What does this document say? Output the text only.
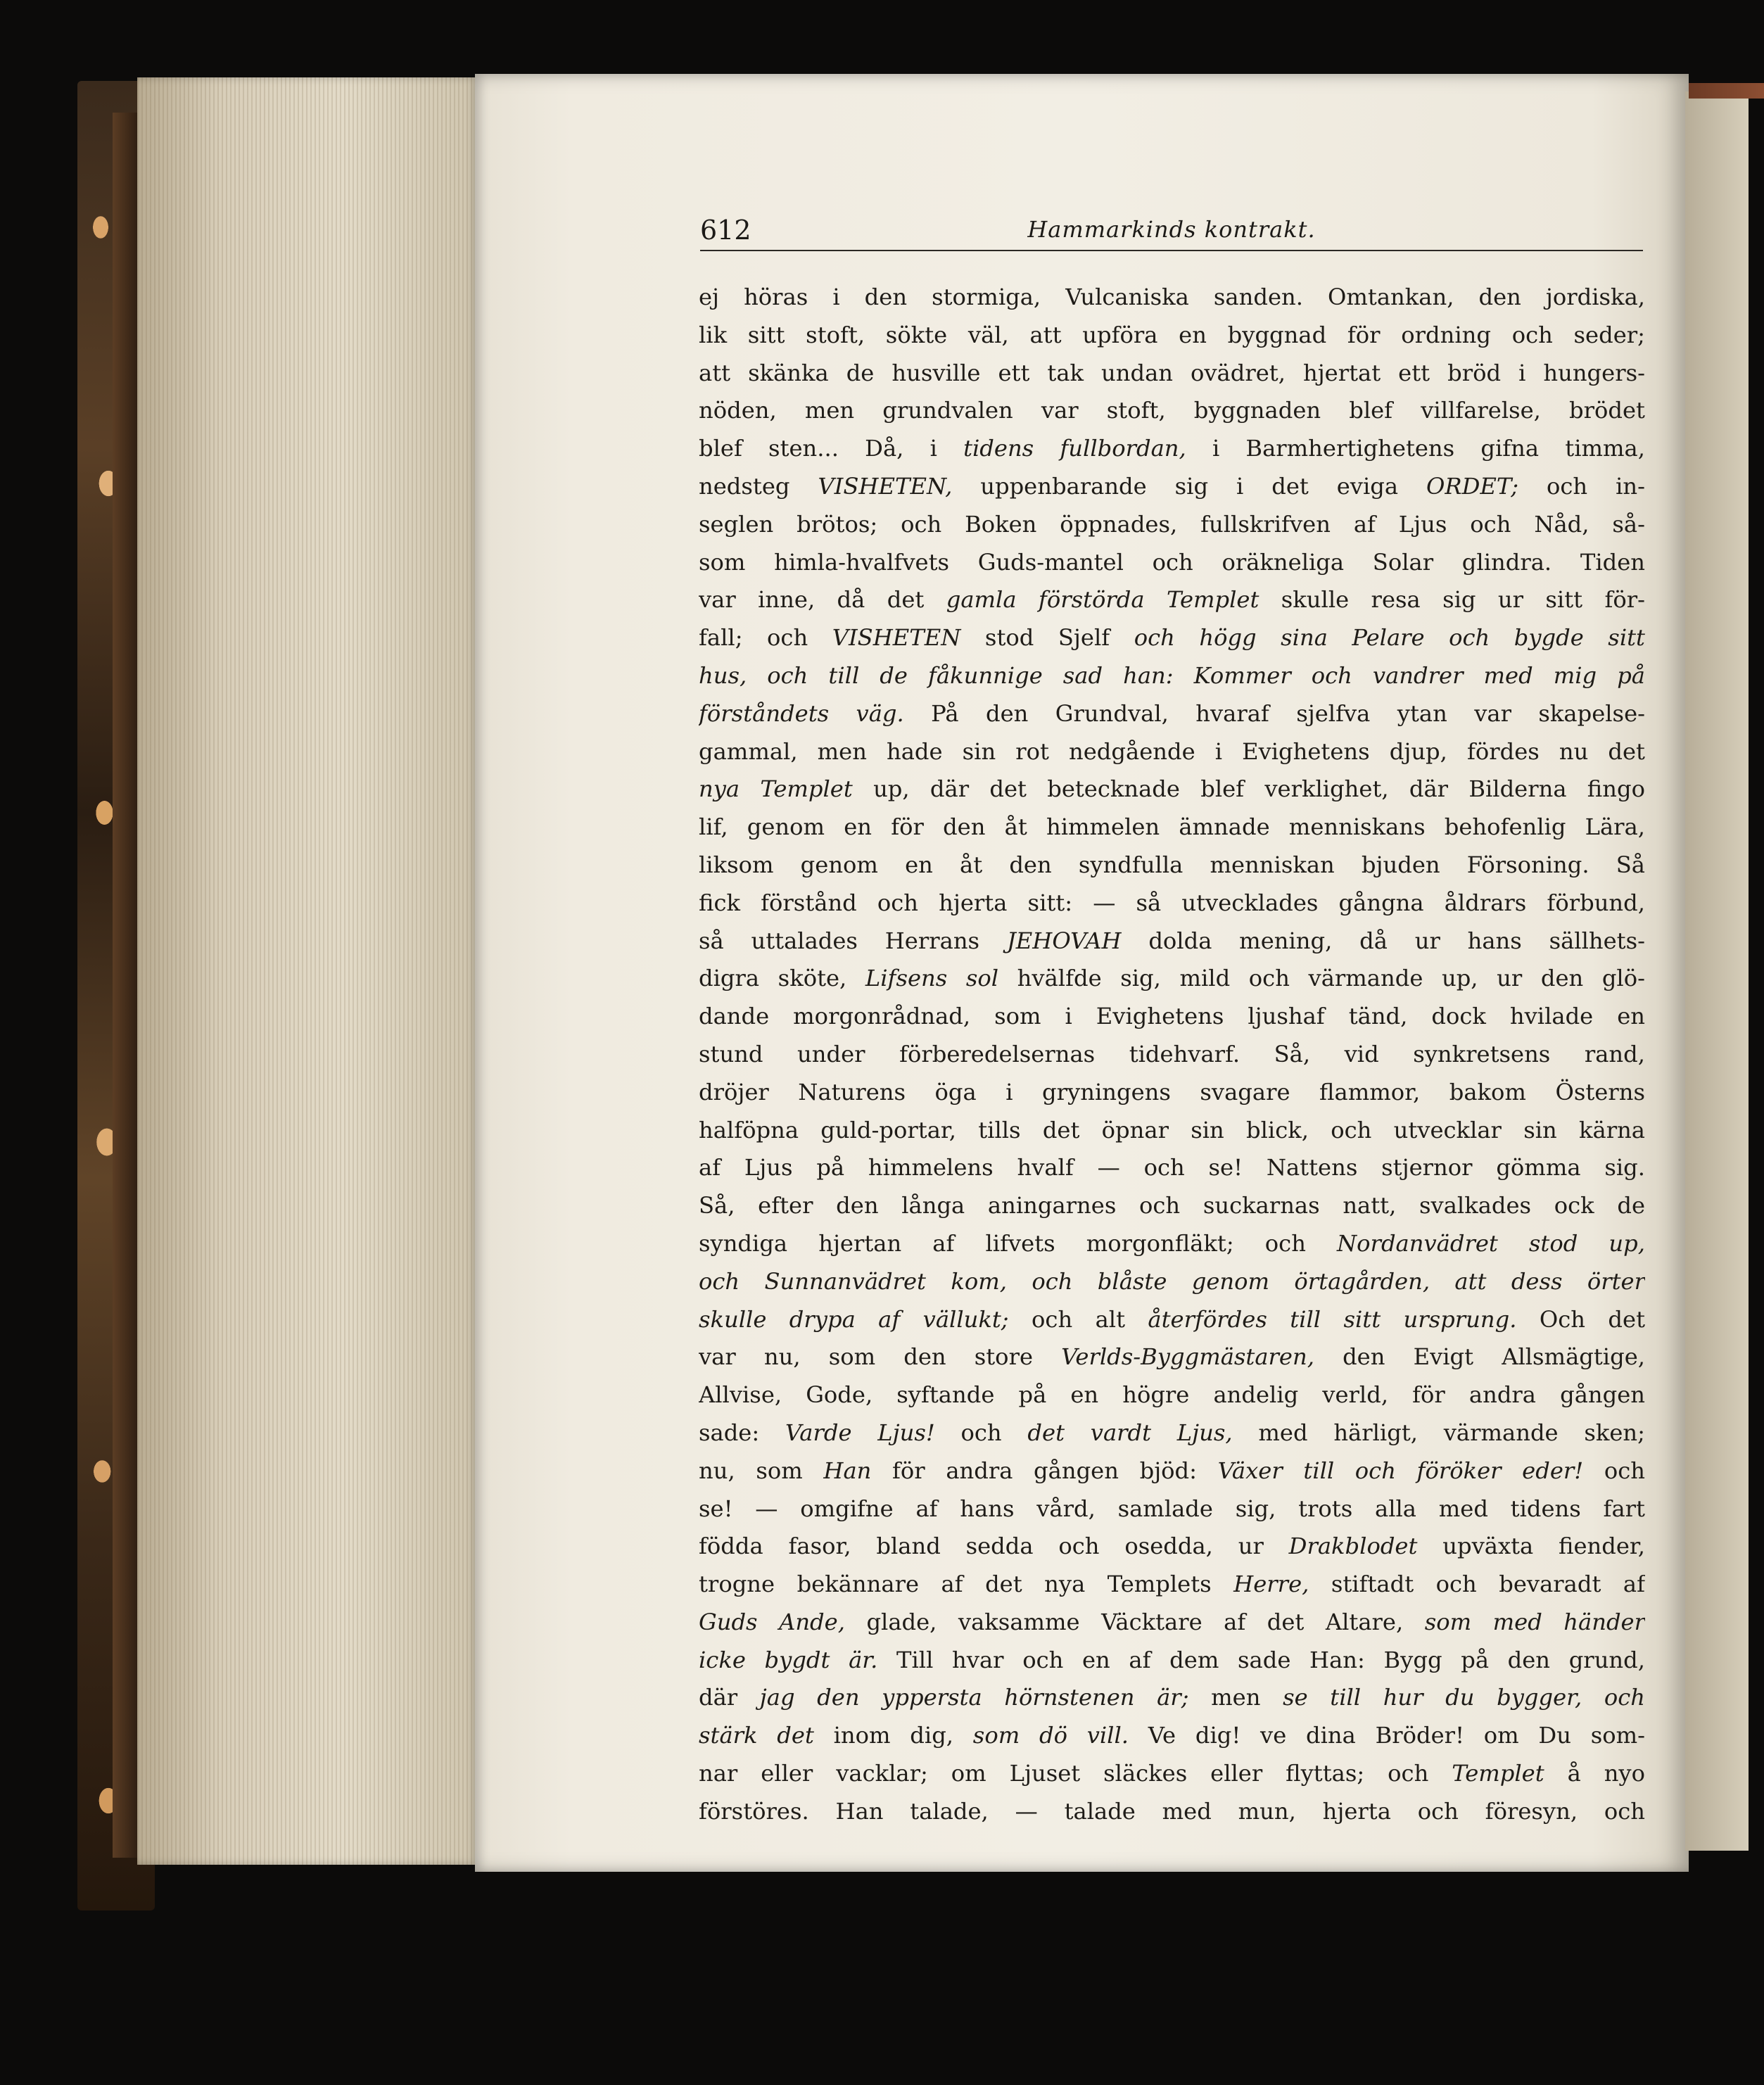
612	Hammarkinds kontrakt.
ej höras i den stormiga, Vulcaniska sanden. Omtankan, den jordiska,
lik sitt stoft, sökte väl, att upföra en byggnad för ordning och seder;
att skänka de husville ett tak undan ovädret, hjertat ett bröd i hungers-
nöden, men grundvalen var stoft, byggnaden blef villfarelse, brödet
blef sten... Då, i tidens fullbordan, i Barmhertighetens gifna timma,
nedsteg VISHETEN, uppenbarande sig i det eviga ORDET; och in-
seglen brötos; och Boken öppnades, fullskrifven af Ljus och Nåd, så-
som himla-hvalfvets Guds-mantel och oräkneliga Solar glindra. Tiden
var inne, då det gamla förstörda Templet skulle resa sig ur sitt för-
fall; och VISHETEN stod Sjelf och högg sina Pelare och bygde sitt
hus, och till de fåkunnige sad han: Kommer och vandrer med mig på
förståndets väg. På den Grundval, hvaraf sjelfva ytan var skapelse-
gammal, men hade sin rot nedgående i Evighetens djup, fördes nu det
nya Templet up, där det betecknade blef verklighet, där Bilderna fingo
lif, genom en för den åt himmelen ämnade menniskans behofenlig Lära,
liksom genom en åt den syndfulla menniskan bjuden Försoning. Så
fick förstånd och hjerta sitt: — så utvecklades gångna åldrars förbund,
så uttalades Herrans JEHOVAH dolda mening, då ur hans sällhets-
digra sköte, Lifsens sol hvälfde sig, mild och värmande up, ur den glö-
dande morgonrådnad, som i Evighetens ljushaf tänd, dock hvilade en
stund under förberedelsernas tidehvarf. Så, vid synkretsens rand,
dröjer Naturens öga i gryningens svagare flammor, bakom Österns
halföpna guld-portar, tills det öpnar sin blick, och utvecklar sin kärna
af Ljus på himmelens hvalf — och se! Nattens stjernor gömma sig.
Så, efter den långa aningarnes och suckarnas natt, svalkades ock de
syndiga hjertan af lifvets morgonfläkt; och Nordanvädret stod up,
och Sunnanvädret kom, och blåste genom örtagården, att dess örter
skulle drypa af vällukt; och alt återfördes till sitt ursprung. Och det
var nu, som den store Verlds-Byggmästaren, den Evigt Allsmägtige,
Allvise, Gode, syftande på en högre andelig verld, för andra gången
sade: Varde Ljus! och det vardt Ljus, med härligt, värmande sken;
nu, som Han för andra gången bjöd: Växer till och föröker eder! och
se! — omgifne af hans vård, samlade sig, trots alla med tidens fart
födda fasor, bland sedda och osedda, ur Drakblodet upväxta fiender,
trogne bekännare af det nya Templets Herre, stiftadt och bevaradt af
Guds Ande, glade, vaksamme Väcktare af det Altare, som med händer
icke bygdt är. Till hvar och en af dem sade Han: Bygg på den grund,
där jag den yppersta hörnstenen är; men se till hur du bygger, och
stärk det inom dig, som dö vill. Ve dig! ve dina Bröder! om Du som-
nar eller vacklar; om Ljuset släckes eller flyttas; och Templet å nyo
förstöres. Han talade, — talade med mun, hjerta och föresyn, och
